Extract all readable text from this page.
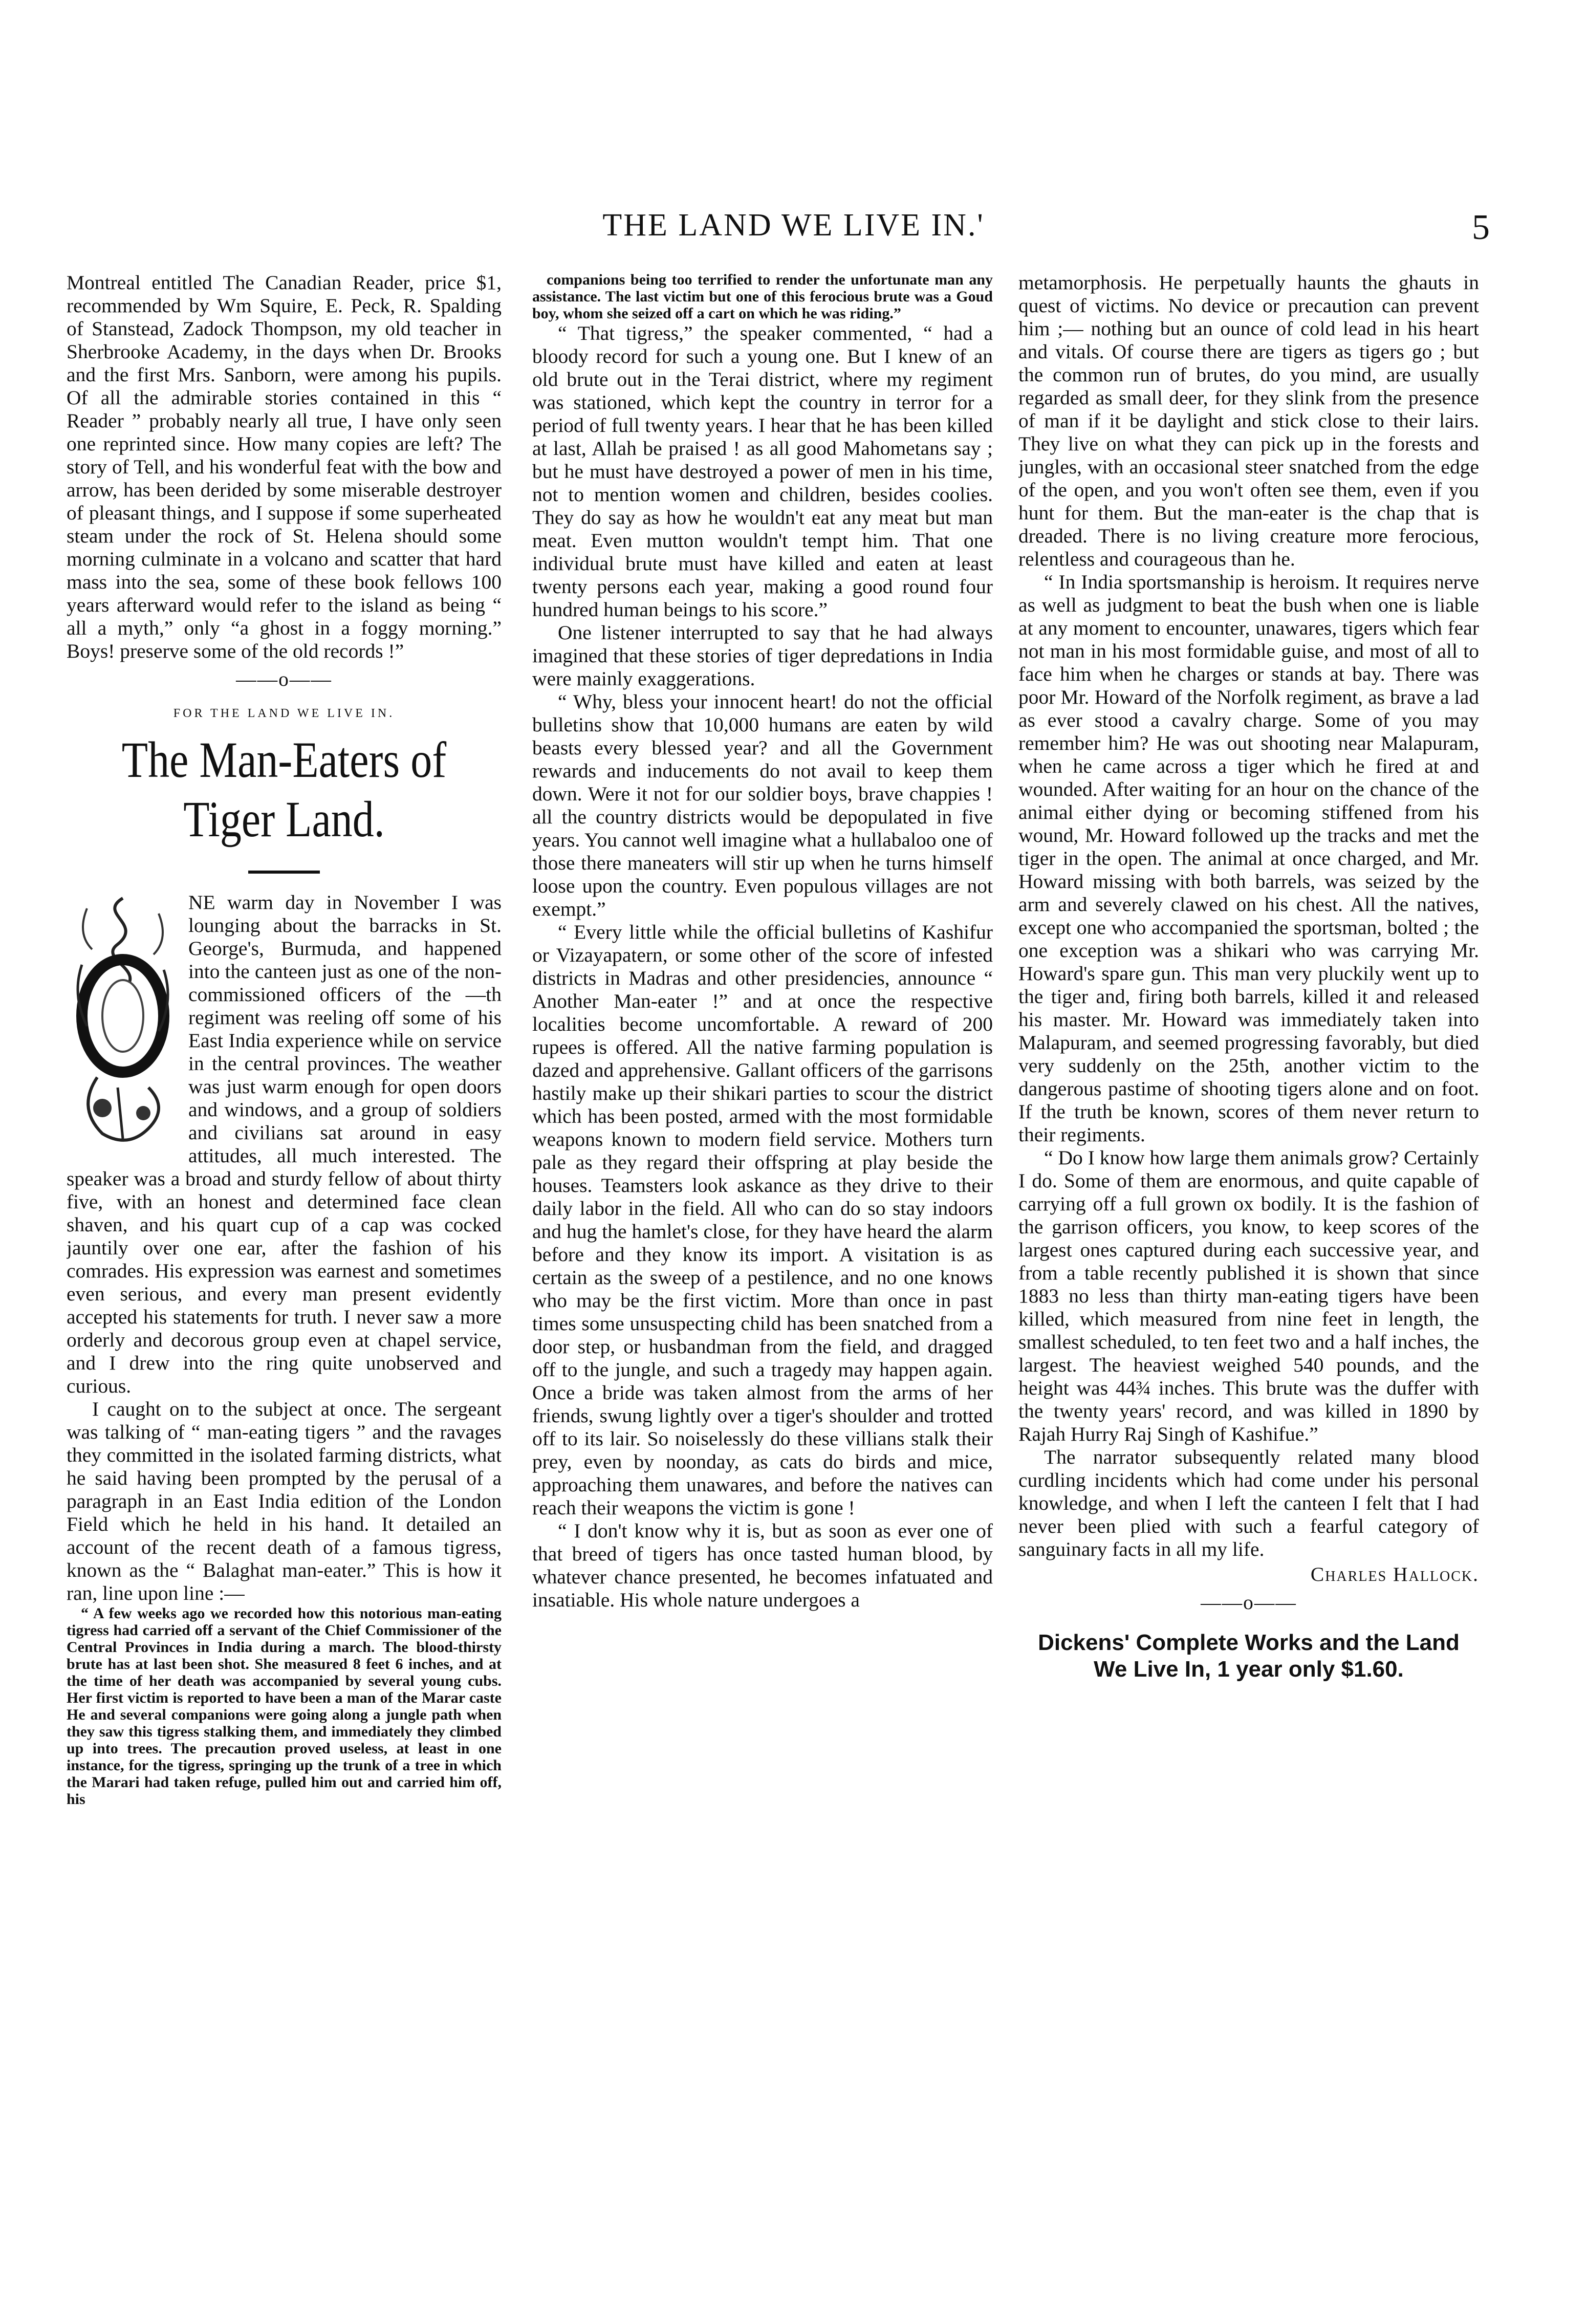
THE LAND WE LIVE IN.'	5

Montreal entitled The Canadian Reader, price $1, recommended by Wm Squire, E. Peck, R. Spalding of Stanstead, Zadock Thompson, my old teacher in Sherbrooke Academy, in the days when Dr. Brooks and the first Mrs. Sanborn, were among his pupils. Of all the admirable stories contained in this “ Reader ” probably nearly all true, I have only seen one reprinted since. How many copies are left? The story of Tell, and his wonderful feat with the bow and arrow, has been derided by some miserable destroyer of pleasant things, and I suppose if some superheated steam under the rock of St. Helena should some morning culminate in a volcano and scatter that hard mass into the sea, some of these book fellows 100 years afterward would refer to the island as being “ all a myth,” only “a ghost in a foggy morning.” Boys! preserve some of the old records !”

——o——
FOR THE LAND WE LIVE IN.
The Man-Eaters of Tiger Land.

NE warm day in November I was lounging about the barracks in St. George's, Burmuda, and happened into the canteen just as one of the non-commissioned officers of the —th regiment was reeling off some of his East India experience while on service in the central provinces. The weather was just warm enough for open doors and windows, and a group of soldiers and civilians sat around in easy attitudes, all much interested. The speaker was a broad and sturdy fellow of about thirty five, with an honest and determined face clean shaven, and his quart cup of a cap was cocked jauntily over one ear, after the fashion of his comrades. His expression was earnest and sometimes even serious, and every man present evidently accepted his statements for truth. I never saw a more orderly and decorous group even at chapel service, and I drew into the ring quite unobserved and curious.

I caught on to the subject at once. The sergeant was talking of “ man-eating tigers ” and the ravages they committed in the isolated farming districts, what he said having been prompted by the perusal of a paragraph in an East India edition of the London Field which he held in his hand. It detailed an account of the recent death of a famous tigress, known as the “ Balaghat man-eater.” This is how it ran, line upon line :—

“ A few weeks ago we recorded how this notorious man-eating tigress had carried off a servant of the Chief Commissioner of the Central Provinces in India during a march. The blood-thirsty brute has at last been shot. She measured 8 feet 6 inches, and at the time of her death was accompanied by several young cubs. Her first victim is reported to have been a man of the Marar caste He and several companions were going along a jungle path when they saw this tigress stalking them, and immediately they climbed up into trees. The precaution proved useless, at least in one instance, for the tigress, springing up the trunk of a tree in which the Marari had taken refuge, pulled him out and carried him off, his

companions being too terrified to render the unfortunate man any assistance. The last victim but one of this ferocious brute was a Goud boy, whom she seized off a cart on which he was riding.”

“ That tigress,” the speaker commented, “ had a bloody record for such a young one. But I knew of an old brute out in the Terai district, where my regiment was stationed, which kept the country in terror for a period of full twenty years. I hear that he has been killed at last, Allah be praised ! as all good Mahometans say ; but he must have destroyed a power of men in his time, not to mention women and children, besides coolies. They do say as how he wouldn't eat any meat but man meat. Even mutton wouldn't tempt him. That one individual brute must have killed and eaten at least twenty persons each year, making a good round four hundred human beings to his score.”

One listener interrupted to say that he had always imagined that these stories of tiger depredations in India were mainly exaggerations.

“ Why, bless your innocent heart! do not the official bulletins show that 10,000 humans are eaten by wild beasts every blessed year? and all the Government rewards and inducements do not avail to keep them down. Were it not for our soldier boys, brave chappies ! all the country districts would be depopulated in five years. You cannot well imagine what a hullabaloo one of those there maneaters will stir up when he turns himself loose upon the country. Even populous villages are not exempt.”

“ Every little while the official bulletins of Kashifur or Vizayapatern, or some other of the score of infested districts in Madras and other presidencies, announce “ Another Man-eater !” and at once the respective localities become uncomfortable. A reward of 200 rupees is offered. All the native farming population is dazed and apprehensive. Gallant officers of the garrisons hastily make up their shikari parties to scour the district which has been posted, armed with the most formidable weapons known to modern field service. Mothers turn pale as they regard their offspring at play beside the houses. Teamsters look askance as they drive to their daily labor in the field. All who can do so stay indoors and hug the hamlet's close, for they have heard the alarm before and they know its import. A visitation is as certain as the sweep of a pestilence, and no one knows who may be the first victim. More than once in past times some unsuspecting child has been snatched from a door step, or husbandman from the field, and dragged off to the jungle, and such a tragedy may happen again. Once a bride was taken almost from the arms of her friends, swung lightly over a tiger's shoulder and trotted off to its lair. So noiselessly do these villians stalk their prey, even by noonday, as cats do birds and mice, approaching them unawares, and before the natives can reach their weapons the victim is gone !

“ I don't know why it is, but as soon as ever one of that breed of tigers has once tasted human blood, by whatever chance presented, he becomes infatuated and insatiable. His whole nature undergoes a

metamorphosis. He perpetually haunts the ghauts in quest of victims. No device or precaution can prevent him ;— nothing but an ounce of cold lead in his heart and vitals. Of course there are tigers as tigers go ; but the common run of brutes, do you mind, are usually regarded as small deer, for they slink from the presence of man if it be daylight and stick close to their lairs. They live on what they can pick up in the forests and jungles, with an occasional steer snatched from the edge of the open, and you won't often see them, even if you hunt for them. But the man-eater is the chap that is dreaded. There is no living creature more ferocious, relentless and courageous than he.

“ In India sportsmanship is heroism. It requires nerve as well as judgment to beat the bush when one is liable at any moment to encounter, unawares, tigers which fear not man in his most formidable guise, and most of all to face him when he charges or stands at bay. There was poor Mr. Howard of the Norfolk regiment, as brave a lad as ever stood a cavalry charge. Some of you may remember him? He was out shooting near Malapuram, when he came across a tiger which he fired at and wounded. After waiting for an hour on the chance of the animal either dying or becoming stiffened from his wound, Mr. Howard followed up the tracks and met the tiger in the open. The animal at once charged, and Mr. Howard missing with both barrels, was seized by the arm and severely clawed on his chest. All the natives, except one who accompanied the sportsman, bolted ; the one exception was a shikari who was carrying Mr. Howard's spare gun. This man very pluckily went up to the tiger and, firing both barrels, killed it and released his master. Mr. Howard was immediately taken into Malapuram, and seemed progressing favorably, but died very suddenly on the 25th, another victim to the dangerous pastime of shooting tigers alone and on foot. If the truth be known, scores of them never return to their regiments.

“ Do I know how large them animals grow? Certainly I do. Some of them are enormous, and quite capable of carrying off a full grown ox bodily. It is the fashion of the garrison officers, you know, to keep scores of the largest ones captured during each successive year, and from a table recently published it is shown that since 1883 no less than thirty man-eating tigers have been killed, which measured from nine feet in length, the smallest scheduled, to ten feet two and a half inches, the largest. The heaviest weighed 540 pounds, and the height was 44¾ inches. This brute was the duffer with the twenty years' record, and was killed in 1890 by Rajah Hurry Raj Singh of Kashifue.”

The narrator subsequently related many blood curdling incidents which had come under his personal knowledge, and when I left the canteen I felt that I had never been plied with such a fearful category of sanguinary facts in all my life.

Charles Hallock.
——o——
Dickens' Complete Works and the Land We Live In, 1 year only $1.60.
